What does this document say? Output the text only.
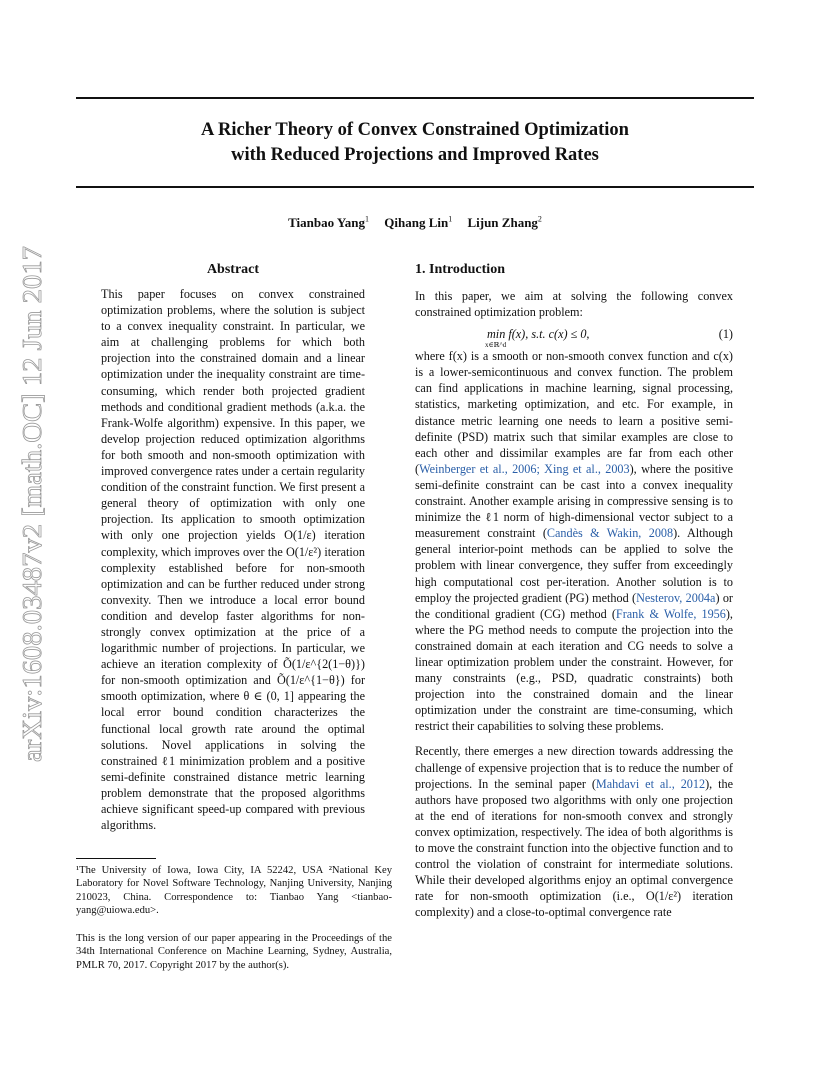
arXiv:1608.03487v2 [math.OC] 12 Jun 2017
A Richer Theory of Convex Constrained Optimization
with Reduced Projections and Improved Rates
Tianbao Yang$^1$ Qihang Lin$^1$ Lijun Zhang$^2$
Abstract

This paper focuses on convex constrained optimization problems, where the solution is subject to a convex inequality constraint. In particular, we aim at challenging problems for which both projection into the constrained domain and a linear optimization under the inequality constraint are time-consuming, which render both projected gradient methods and conditional gradient methods (a.k.a. the Frank-Wolfe algorithm) expensive. In this paper, we develop projection reduced optimization algorithms for both smooth and non-smooth optimization with improved convergence rates under a certain regularity condition of the constraint function. We first present a general theory of optimization with only one projection. Its application to smooth optimization with only one projection yields O(1/ε) iteration complexity, which improves over the O(1/ε²) iteration complexity established before for non-smooth optimization and can be further reduced under strong convexity. Then we introduce a local error bound condition and develop faster algorithms for non-strongly convex optimization at the price of a logarithmic number of projections. In particular, we achieve an iteration complexity of Õ(1/ε^{2(1−θ)}) for non-smooth optimization and Õ(1/ε^{1−θ}) for smooth optimization, where θ ∈ (0, 1] appearing the local error bound condition characterizes the functional local growth rate around the optimal solutions. Novel applications in solving the constrained ℓ1 minimization problem and a positive semi-definite constrained distance metric learning problem demonstrate that the proposed algorithms achieve significant speed-up compared with previous algorithms.

1. Introduction

In this paper, we aim at solving the following convex constrained optimization problem:

min f(x), s.t. c(x) ≤ 0,
x∈ℝ^d
(1)

where f(x) is a smooth or non-smooth convex function and c(x) is a lower-semicontinuous and convex function. The problem can find applications in machine learning, signal processing, statistics, marketing optimization, and etc. For example, in distance metric learning one needs to learn a positive semi-definite (PSD) matrix such that similar examples are close to each other and dissimilar examples are far from each other (Weinberger et al., 2006; Xing et al., 2003), where the positive semi-definite constraint can be cast into a convex inequality constraint. Another example arising in compressive sensing is to minimize the ℓ1 norm of high-dimensional vector subject to a measurement constraint (Candès & Wakin, 2008). Although general interior-point methods can be applied to solve the problem with linear convergence, they suffer from exceedingly high computational cost per-iteration. Another solution is to employ the projected gradient (PG) method (Nesterov, 2004a) or the conditional gradient (CG) method (Frank & Wolfe, 1956), where the PG method needs to compute the projection into the constrained domain at each iteration and CG needs to solve a linear optimization problem under the constraint. However, for many constraints (e.g., PSD, quadratic constraints) both projection into the constrained domain and the linear optimization under the constraint are time-consuming, which restrict their capabilities to solving these problems.

Recently, there emerges a new direction towards addressing the challenge of expensive projection that is to reduce the number of projections. In the seminal paper (Mahdavi et al., 2012), the authors have proposed two algorithms with only one projection at the end of iterations for non-smooth convex and strongly convex optimization, respectively. The idea of both algorithms is to move the constraint function into the objective function and to control the violation of constraint for intermediate solutions. While their developed algorithms enjoy an optimal convergence rate for non-smooth optimization (i.e., O(1/ε²) iteration complexity) and a close-to-optimal convergence rate

¹The University of Iowa, Iowa City, IA 52242, USA ²National Key Laboratory for Novel Software Technology, Nanjing University, Nanjing 210023, China. Correspondence to: Tianbao Yang <tianbao-yang@uiowa.edu>.
This is the long version of our paper appearing in the Proceedings of the 34th International Conference on Machine Learning, Sydney, Australia, PMLR 70, 2017. Copyright 2017 by the author(s).
